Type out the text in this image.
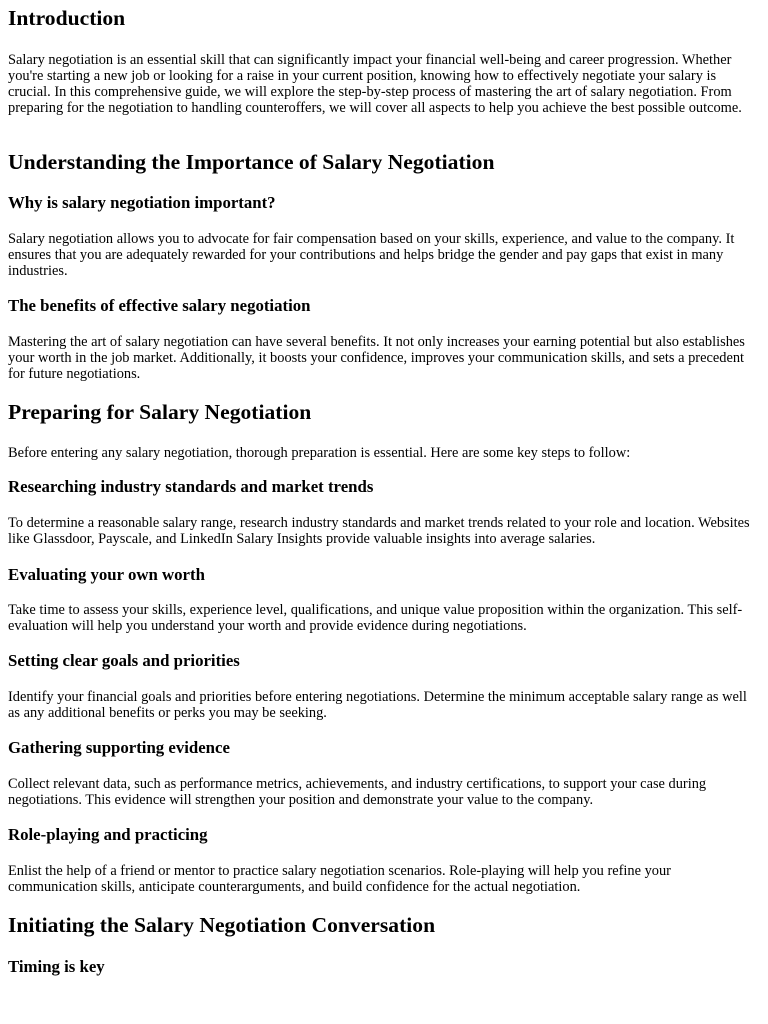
Introduction

Salary negotiation is an essential skill that can significantly impact your financial well-being and career progression. Whether you're starting a new job or looking for a raise in your current position, knowing how to effectively negotiate your salary is crucial. In this comprehensive guide, we will explore the step-by-step process of mastering the art of salary negotiation. From preparing for the negotiation to handling counteroffers, we will cover all aspects to help you achieve the best possible outcome.

Understanding the Importance of Salary Negotiation
Why is salary negotiation important?

Salary negotiation allows you to advocate for fair compensation based on your skills, experience, and value to the company. It ensures that you are adequately rewarded for your contributions and helps bridge the gender and pay gaps that exist in many industries.

The benefits of effective salary negotiation

Mastering the art of salary negotiation can have several benefits. It not only increases your earning potential but also establishes your worth in the job market. Additionally, it boosts your confidence, improves your communication skills, and sets a precedent for future negotiations.

Preparing for Salary Negotiation

Before entering any salary negotiation, thorough preparation is essential. Here are some key steps to follow:

Researching industry standards and market trends

To determine a reasonable salary range, research industry standards and market trends related to your role and location. Websites like Glassdoor, Payscale, and LinkedIn Salary Insights provide valuable insights into average salaries.

Evaluating your own worth

Take time to assess your skills, experience level, qualifications, and unique value proposition within the organization. This self-evaluation will help you understand your worth and provide evidence during negotiations.

Setting clear goals and priorities

Identify your financial goals and priorities before entering negotiations. Determine the minimum acceptable salary range as well as any additional benefits or perks you may be seeking.

Gathering supporting evidence

Collect relevant data, such as performance metrics, achievements, and industry certifications, to support your case during negotiations. This evidence will strengthen your position and demonstrate your value to the company.

Role-playing and practicing

Enlist the help of a friend or mentor to practice salary negotiation scenarios. Role-playing will help you refine your communication skills, anticipate counterarguments, and build confidence for the actual negotiation.

Initiating the Salary Negotiation Conversation
Timing is key
